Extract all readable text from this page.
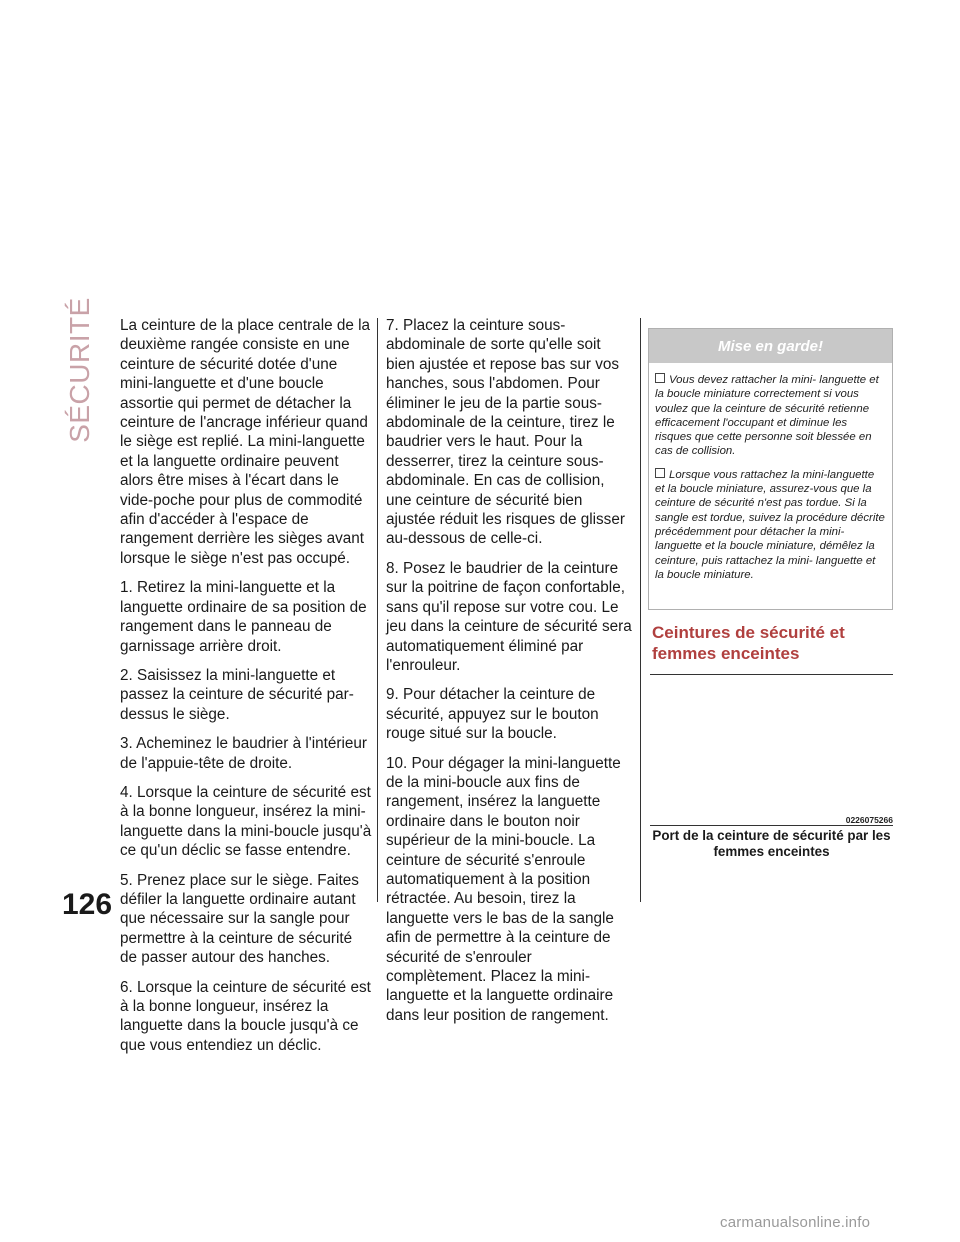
SÉCURITÉ
126

La ceinture de la place centrale de la deuxième rangée consiste en une ceinture de sécurité dotée d'une mini-languette et d'une boucle assortie qui permet de détacher la ceinture de l'ancrage inférieur quand le siège est replié. La mini-languette et la languette ordinaire peuvent alors être mises à l'écart dans le vide-poche pour plus de commodité afin d'accéder à l'espace de rangement derrière les sièges avant lorsque le siège n'est pas occupé.

1. Retirez la mini-languette et la languette ordinaire de sa position de rangement dans le panneau de garnissage arrière droit.

2. Saisissez la mini-languette et passez la ceinture de sécurité par-dessus le siège.

3. Acheminez le baudrier à l'intérieur de l'appuie-tête de droite.

4. Lorsque la ceinture de sécurité est à la bonne longueur, insérez la mini-languette dans la mini-boucle jusqu'à ce qu'un déclic se fasse entendre.

5. Prenez place sur le siège. Faites défiler la languette ordinaire autant que nécessaire sur la sangle pour permettre à la ceinture de sécurité de passer autour des hanches.

6. Lorsque la ceinture de sécurité est à la bonne longueur, insérez la languette dans la boucle jusqu'à ce que vous entendiez un déclic.

7. Placez la ceinture sous-abdominale de sorte qu'elle soit bien ajustée et repose bas sur vos hanches, sous l'abdomen. Pour éliminer le jeu de la partie sous-abdominale de la ceinture, tirez le baudrier vers le haut. Pour la desserrer, tirez la ceinture sous-abdominale. En cas de collision, une ceinture de sécurité bien ajustée réduit les risques de glisser au-dessous de celle-ci.

8. Posez le baudrier de la ceinture sur la poitrine de façon confortable, sans qu'il repose sur votre cou. Le jeu dans la ceinture de sécurité sera automatiquement éliminé par l'enrouleur.

9. Pour détacher la ceinture de sécurité, appuyez sur le bouton rouge situé sur la boucle.

10. Pour dégager la mini-languette de la mini-boucle aux fins de rangement, insérez la languette ordinaire dans le bouton noir supérieur de la mini-boucle. La ceinture de sécurité s'enroule automatiquement à la position rétractée. Au besoin, tirez la languette vers le bas de la sangle afin de permettre à la ceinture de sécurité de s'enrouler complètement. Placez la mini-languette et la languette ordinaire dans leur position de rangement.

Mise en garde!

Vous devez rattacher la mini- languette et la boucle miniature correctement si vous voulez que la ceinture de sécurité retienne efficacement l'occupant et diminue les risques que cette personne soit blessée en cas de collision.

Lorsque vous rattachez la mini-languette et la boucle miniature, assurez-vous que la ceinture de sécurité n'est pas tordue. Si la sangle est tordue, suivez la procédure décrite précédemment pour détacher la mini- languette et la boucle miniature, démêlez la ceinture, puis rattachez la mini- languette et la boucle miniature.

Ceintures de sécurité et femmes enceintes
0226075266
Port de la ceinture de sécurité par les femmes enceintes
carmanualsonline.info
